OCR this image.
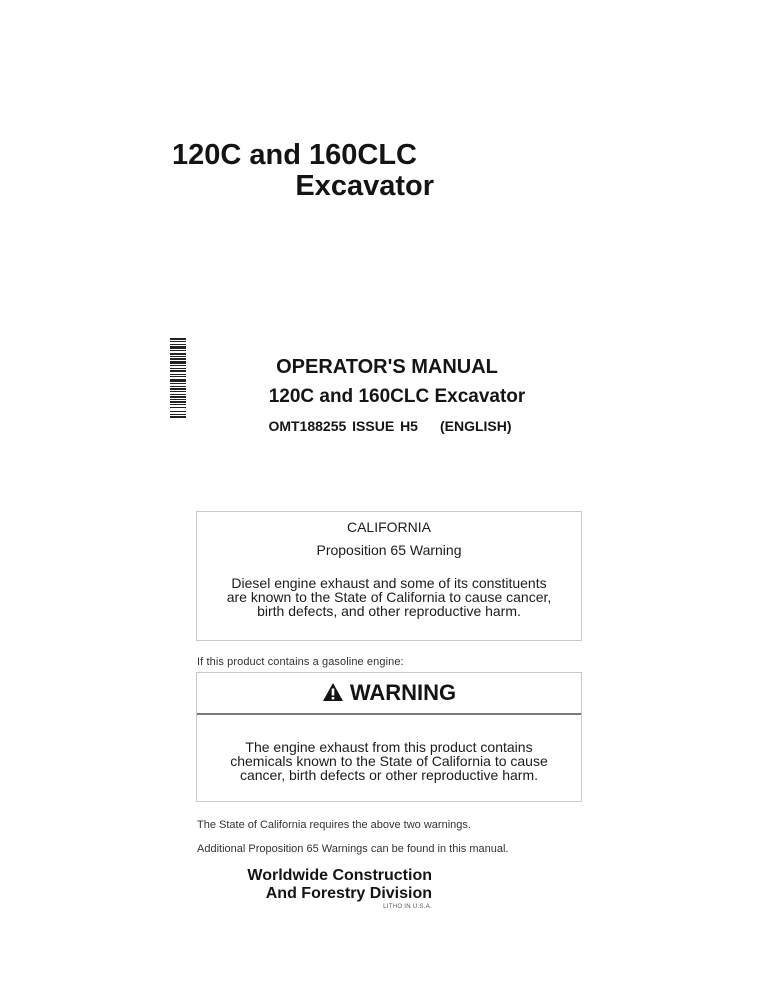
120C and 160CLC
Excavator
OPERATOR'S MANUAL
120C and 160CLC Excavator
OMT188255 ISSUE H5 (ENGLISH)
CALIFORNIA
Proposition 65 Warning
Diesel engine exhaust and some of its constituents
are known to the State of California to cause cancer,
birth defects, and other reproductive harm.
If this product contains a gasoline engine:
WARNING
The engine exhaust from this product contains
chemicals known to the State of California to cause
cancer, birth defects or other reproductive harm.
The State of California requires the above two warnings.
Additional Proposition 65 Warnings can be found in this manual.
Worldwide Construction
And Forestry Division
LITHO IN U.S.A.
